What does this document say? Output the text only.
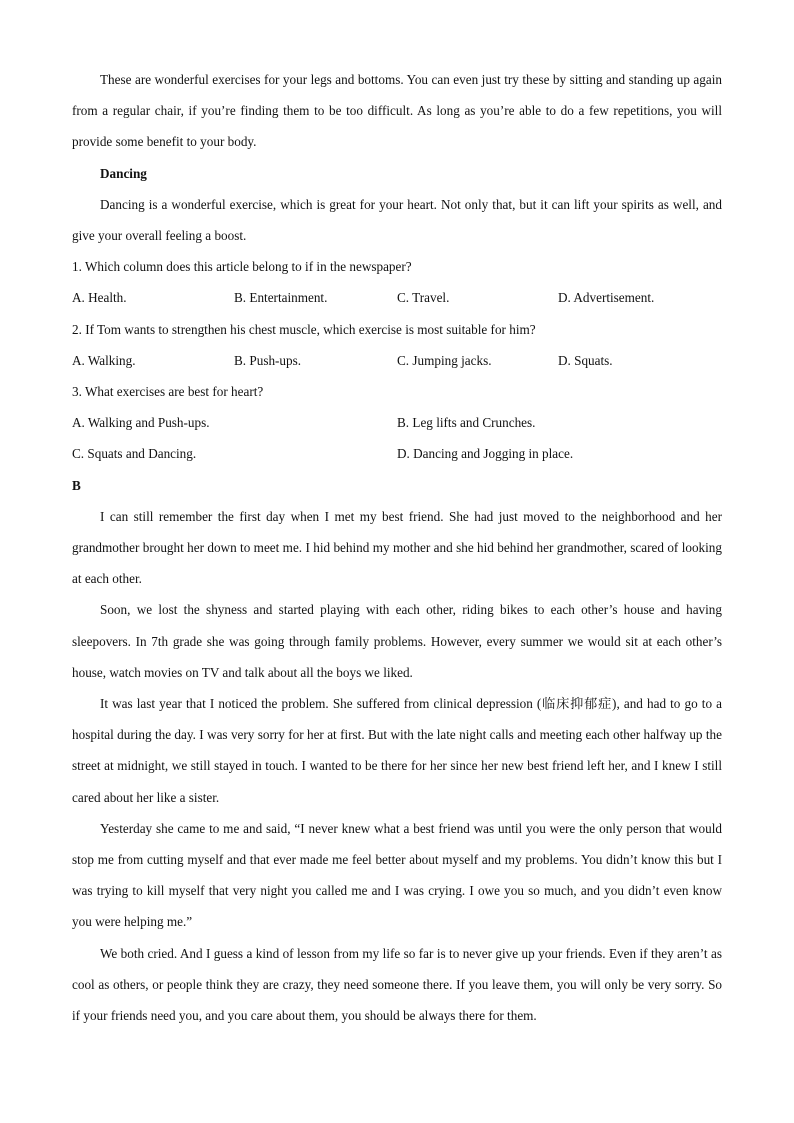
These are wonderful exercises for your legs and bottoms. You can even just try these by sitting and standing up again from a regular chair, if you’re finding them to be too difficult. As long as you’re able to do a few repetitions, you will provide some benefit to your body.

Dancing

Dancing is a wonderful exercise, which is great for your heart. Not only that, but it can lift your spirits as well, and give your overall feeling a boost.

1. Which column does this article belong to if in the newspaper?

A. Health.	B. Entertainment.	C. Travel.	D. Advertisement.

2. If Tom wants to strengthen his chest muscle, which exercise is most suitable for him?

A. Walking.	B. Push-ups.	C. Jumping jacks.	D. Squats.

3. What exercises are best for heart?

A. Walking and Push-ups.	B. Leg lifts and Crunches.
C. Squats and Dancing.	D. Dancing and Jogging in place.

B

I can still remember the first day when I met my best friend. She had just moved to the neighborhood and her grandmother brought her down to meet me. I hid behind my mother and she hid behind her grandmother, scared of looking at each other.

Soon, we lost the shyness and started playing with each other, riding bikes to each other’s house and having sleepovers. In 7th grade she was going through family problems. However, every summer we would sit at each other’s house, watch movies on TV and talk about all the boys we liked.

It was last year that I noticed the problem. She suffered from clinical depression (临床抑郁症), and had to go to a hospital during the day. I was very sorry for her at first. But with the late night calls and meeting each other halfway up the street at midnight, we still stayed in touch. I wanted to be there for her since her new best friend left her, and I knew I still cared about her like a sister.

Yesterday she came to me and said, “I never knew what a best friend was until you were the only person that would stop me from cutting myself and that ever made me feel better about myself and my problems. You didn’t know this but I was trying to kill myself that very night you called me and I was crying. I owe you so much, and you didn’t even know you were helping me.”

We both cried. And I guess a kind of lesson from my life so far is to never give up your friends. Even if they aren’t as cool as others, or people think they are crazy, they need someone there. If you leave them, you will only be very sorry. So if your friends need you, and you care about them, you should be always there for them.
